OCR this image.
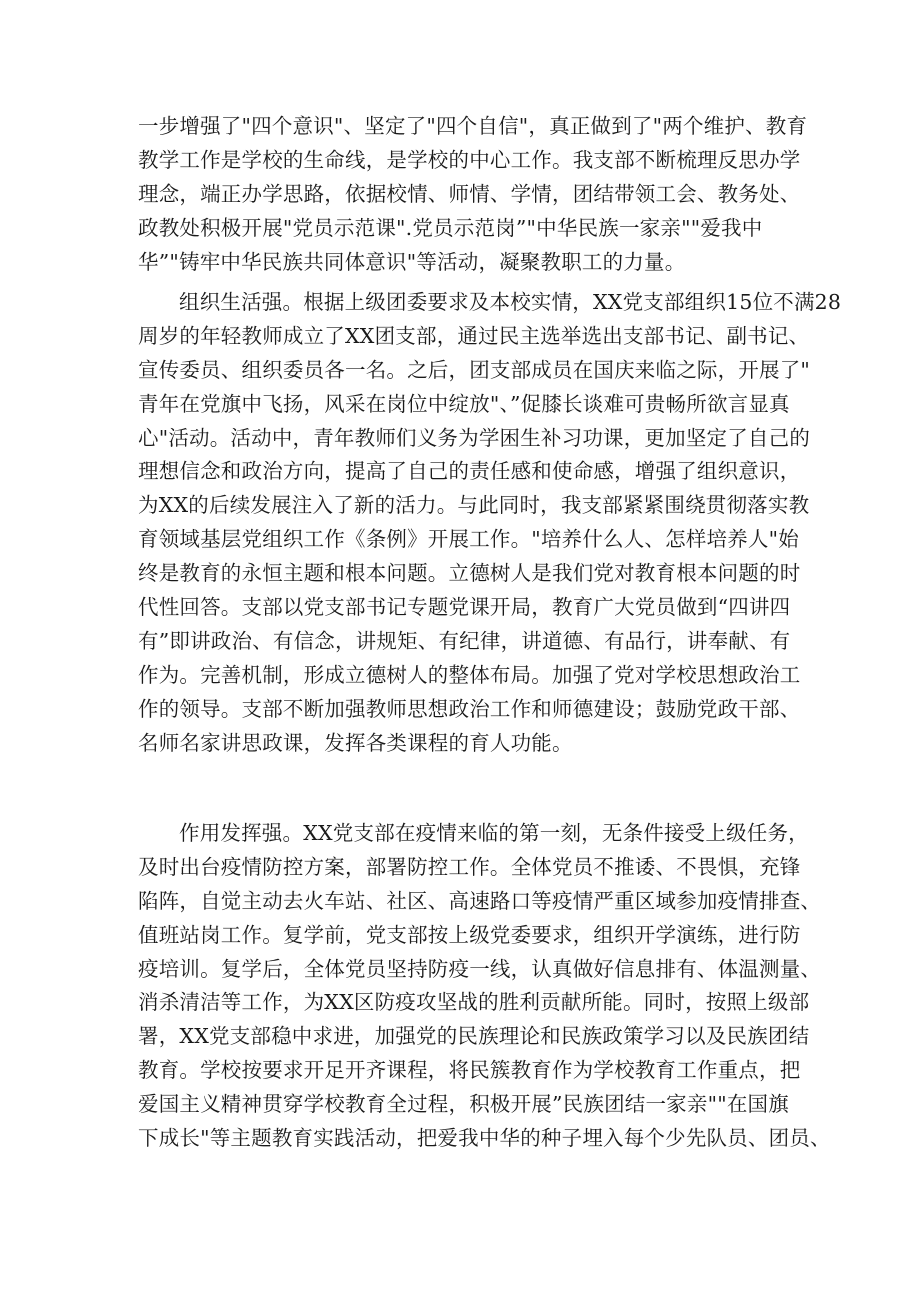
一步增强了"四个意识"、坚定了"四个自信"，真正做到了"两个维护、教育
教学工作是学校的生命线，是学校的中心工作。我支部不断梳理反思办学
理念，端正办学思路，依据校情、师情、学情，团结带领工会、教务处、
政教处积极开展"党员示范课".党员示范岗”"中华民族一家亲""爱我中
华”"铸牢中华民族共同体意识"等活动，凝聚教职工的力量。

组织生活强。根据上级团委要求及本校实情，XX党支部组织15位不满28
周岁的年轻教师成立了XX团支部，通过民主选举选出支部书记、副书记、
宣传委员、组织委员各一名。之后，团支部成员在国庆来临之际，开展了"
青年在党旗中飞扬，风采在岗位中绽放"、”促膝长谈难可贵畅所欲言显真
心"活动。活动中，青年教师们义务为学困生补习功课，更加坚定了自己的
理想信念和政治方向，提高了自己的责任感和使命感，增强了组织意识，
为XX的后续发展注入了新的活力。与此同时，我支部紧紧围绕贯彻落实教
育领域基层党组织工作《条例》开展工作。"培养什么人、怎样培养人"始
终是教育的永恒主题和根本问题。立德树人是我们党对教育根本问题的时
代性回答。支部以党支部书记专题党课开局，教育广大党员做到“四讲四
有”即讲政治、有信念，讲规矩、有纪律，讲道德、有品行，讲奉献、有
作为。完善机制，形成立德树人的整体布局。加强了党对学校思想政治工
作的领导。支部不断加强教师思想政治工作和师德建设；鼓励党政干部、
名师名家讲思政课，发挥各类课程的育人功能。

作用发挥强。XX党支部在疫情来临的第一刻，无条件接受上级任务，
及时出台疫情防控方案，部署防控工作。全体党员不推诿、不畏惧，充锋
陷阵，自觉主动去火车站、社区、高速路口等疫情严重区域参加疫情排查、
值班站岗工作。复学前，党支部按上级党委要求，组织开学演练，进行防
疫培训。复学后，全体党员坚持防疫一线，认真做好信息排有、体温测量、
消杀清洁等工作，为XX区防疫攻坚战的胜利贡献所能。同时，按照上级部
署，XX党支部稳中求进，加强党的民族理论和民族政策学习以及民族团结
教育。学校按要求开足开齐课程，将民簇教育作为学校教育工作重点，把
爱国主义精神贯穿学校教育全过程，积极开展”民族团结一家亲""在国旗
下成长"等主题教育实践活动，把爱我中华的种子埋入每个少先队员、团员、
